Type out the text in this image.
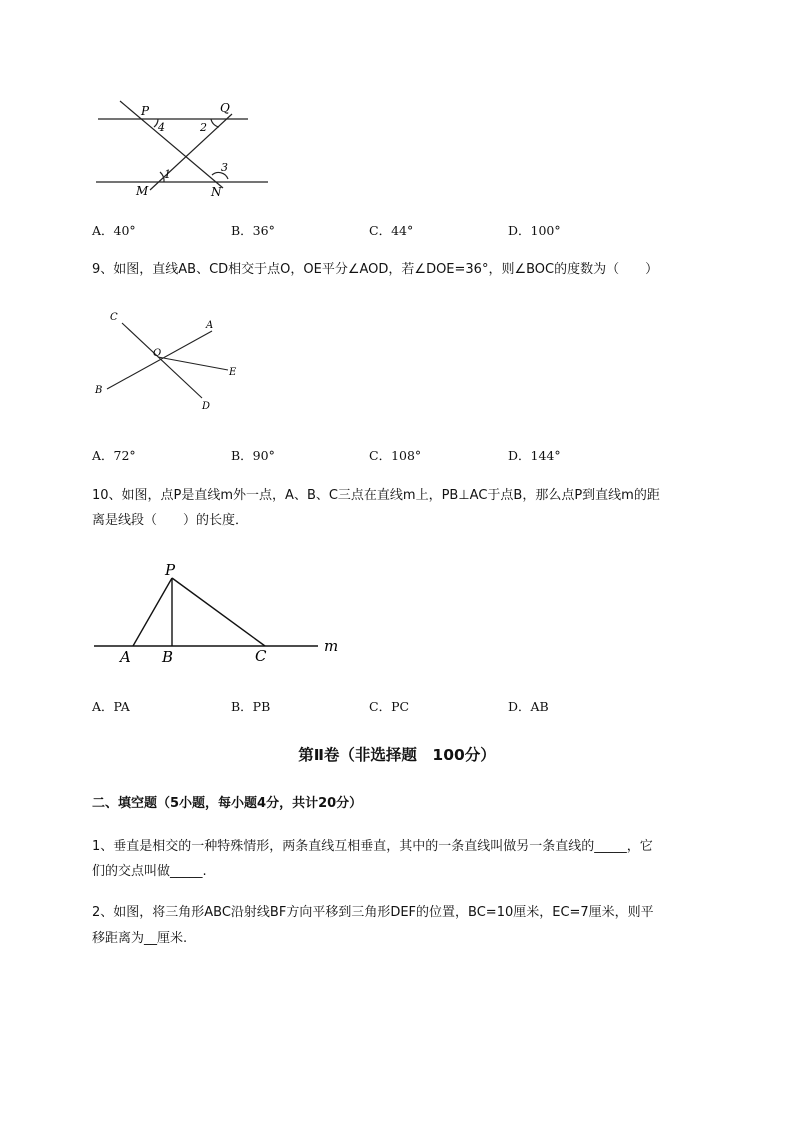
P	Q
4	2
3
1
M	N
A．40°	B．36°	C．44°	D．100°
9、如图，直线AB、CD相交于点O，OE平分∠AOD，若∠DOE=36°，则∠BOC的度数为（　　）
C
A
O
E
B
D
A．72°	B．90°	C．108°	D．144°
10、如图，点P是直线m外一点，A、B、C三点在直线m上，PB⊥AC于点B，那么点P到直线m的距
离是线段（　　）的长度．
P
A B	C
m
A．PA	B．PB	C．PC	D．AB
第Ⅱ卷（非选择题　100分）
二、填空题（5小题，每小题4分，共计20分）
1、垂直是相交的一种特殊情形，两条直线互相垂直，其中的一条直线叫做另一条直线的_____，它
们的交点叫做_____.
2、如图，将三角形ABC沿射线BF方向平移到三角形DEF的位置，BC=10厘米，EC=7厘米，则平
移距离为__厘米.
